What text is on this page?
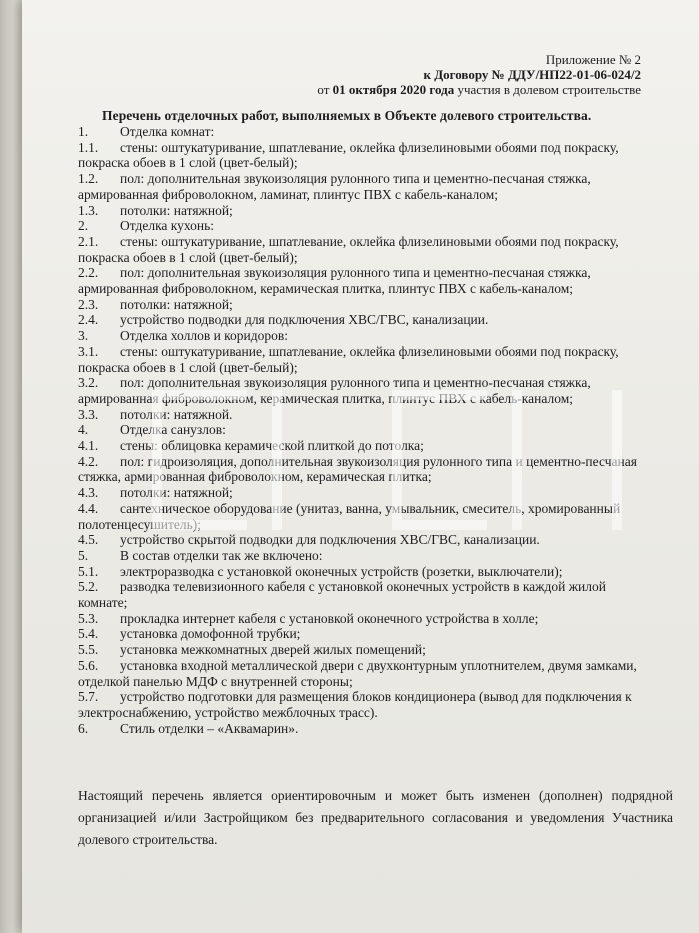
Приложение № 2
к Договору № ДДУ/НП22-01-06-024/2
от 01 октября 2020 года участия в долевом строительстве
Перечень отделочных работ, выполняемых в Объекте долевого строительства.
1.	Отделка комнат:
1.1.	стены: оштукатуривание, шпатлевание, оклейка флизелиновыми обоями под покраску,
покраска обоев в 1 слой (цвет-белый);
1.2.	пол: дополнительная звукоизоляция рулонного типа и цементно-песчаная стяжка,
армированная фиброволокном, ламинат, плинтус ПВХ с кабель-каналом;
1.3.	потолки: натяжной;
2.	Отделка кухонь:
2.1.	стены: оштукатуривание, шпатлевание, оклейка флизелиновыми обоями под покраску,
покраска обоев в 1 слой (цвет-белый);
2.2.	пол: дополнительная звукоизоляция рулонного типа и цементно-песчаная стяжка,
армированная фиброволокном, керамическая плитка, плинтус ПВХ с кабель-каналом;
2.3.	потолки: натяжной;
2.4.	устройство подводки для подключения ХВС/ГВС, канализации.
3.	Отделка холлов и коридоров:
3.1.	стены: оштукатуривание, шпатлевание, оклейка флизелиновыми обоями под покраску,
покраска обоев в 1 слой (цвет-белый);
3.2.	пол: дополнительная звукоизоляция рулонного типа и цементно-песчаная стяжка,
армированная фиброволокном, керамическая плитка, плинтус ПВХ с кабель-каналом;
3.3.	потолки: натяжной.
4.	Отделка санузлов:
4.1.	стены: облицовка керамической плиткой до потолка;
4.2.	пол: гидроизоляция, дополнительная звукоизоляция рулонного типа и цементно-песчаная
стяжка, армированная фиброволокном, керамическая плитка;
4.3.	потолки: натяжной;
4.4.	сантехническое оборудование (унитаз, ванна, умывальник, смеситель, хромированный
полотенцесушитель);
4.5.	устройство скрытой подводки для подключения ХВС/ГВС, канализации.
5.	В состав отделки так же включено:
5.1.	электроразводка с установкой оконечных устройств (розетки, выключатели);
5.2.	разводка телевизионного кабеля с установкой оконечных устройств в каждой жилой
комнате;
5.3.	прокладка интернет кабеля с установкой оконечного устройства в холле;
5.4.	установка домофонной трубки;
5.5.	установка межкомнатных дверей жилых помещений;
5.6.	установка входной металлической двери с двухконтурным уплотнителем, двумя замками,
отделкой панелью МДФ с внутренней стороны;
5.7.	устройство подготовки для размещения блоков кондиционера (вывод для подключения к
электроснабжению, устройство межблочных трасс).
6.	Стиль отделки – «Аквамарин».
Настоящий перечень является ориентировочным и может быть изменен (дополнен) подрядной организацией и/или Застройщиком без предварительного согласования и уведомления Участника долевого строительства.
